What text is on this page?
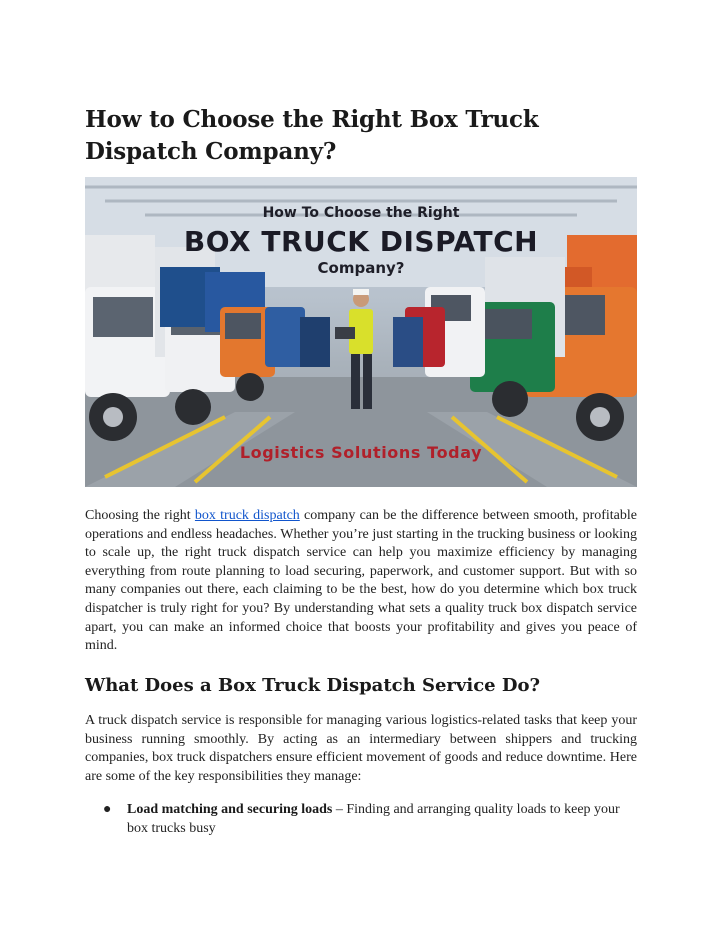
How to Choose the Right Box Truck Dispatch Company?
How To Choose the Right
BOX TRUCK DISPATCH
Company?
Logistics Solutions Today

Choosing the right box truck dispatch company can be the difference between smooth, profitable operations and endless headaches. Whether you’re just starting in the trucking business or looking to scale up, the right truck dispatch service can help you maximize efficiency by managing everything from route planning to load securing, paperwork, and customer support. But with so many companies out there, each claiming to be the best, how do you determine which box truck dispatcher is truly right for you? By understanding what sets a quality truck box dispatch service apart, you can make an informed choice that boosts your profitability and gives you peace of mind.

What Does a Box Truck Dispatch Service Do?

A truck dispatch service is responsible for managing various logistics-related tasks that keep your business running smoothly. By acting as an intermediary between shippers and trucking companies, box truck dispatchers ensure efficient movement of goods and reduce downtime. Here are some of the key responsibilities they manage:

● Load matching and securing loads – Finding and arranging quality loads to keep your box trucks busy
